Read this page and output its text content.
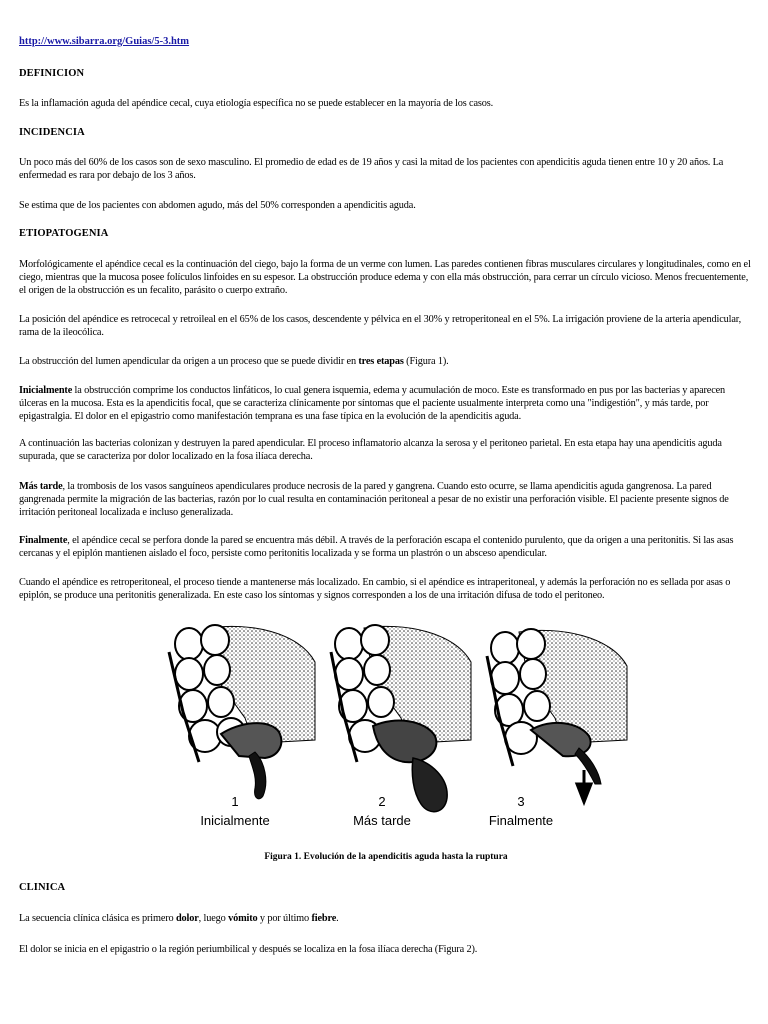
http://www.sibarra.org/Guias/5-3.htm
DEFINICION

Es la inflamación aguda del apéndice cecal, cuya etiología específica no se puede establecer en la mayoría de los casos.

INCIDENCIA

Un poco más del 60% de los casos son de sexo masculino. El promedio de edad es de 19 años y casi la mitad de los pacientes con apendicitis aguda tienen entre 10 y 20 años. La enfermedad es rara por debajo de los 3 años.

Se estima que de los pacientes con abdomen agudo, más del 50% corresponden a apendicitis aguda.

ETIOPATOGENIA

Morfológicamente el apéndice cecal es la continuación del ciego, bajo la forma de un verme con lumen. Las paredes contienen fibras musculares circulares y longitudinales, como en el ciego, mientras que la mucosa posee folículos linfoides en su espesor. La obstrucción produce edema y con ella más obstrucción, para cerrar un círculo vicioso. Menos frecuentemente, el origen de la obstrucción es un fecalito, parásito o cuerpo extraño.

La posición del apéndice es retrocecal y retroileal en el 65% de los casos, descendente y pélvica en el 30% y retroperitoneal en el 5%. La irrigación proviene de la arteria apendicular, rama de la ileocólica.

La obstrucción del lumen apendicular da origen a un proceso que se puede dividir en tres etapas (Figura 1).

Inicialmente la obstrucción comprime los conductos linfáticos, lo cual genera isquemia, edema y acumulación de moco. Este es transformado en pus por las bacterias y aparecen úlceras en la mucosa. Esta es la apendicitis focal, que se caracteriza clínicamente por síntomas que el paciente usualmente interpreta como una "indigestión", y más tarde, por epigastralgia. El dolor en el epigastrio como manifestación temprana es una fase típica en la evolución de la apendicitis aguda.

A continuación las bacterias colonizan y destruyen la pared apendicular. El proceso inflamatorio alcanza la serosa y el peritoneo parietal. En esta etapa hay una apendicitis aguda supurada, que se caracteriza por dolor localizado en la fosa ilíaca derecha.

Más tarde, la trombosis de los vasos sanguíneos apendiculares produce necrosis de la pared y gangrena. Cuando esto ocurre, se llama apendicitis aguda gangrenosa. La pared gangrenada permite la migración de las bacterias, razón por lo cual resulta en contaminación peritoneal a pesar de no existir una perforación visible. El paciente presente signos de irritación peritoneal localizada e incluso generalizada.

Finalmente, el apéndice cecal se perfora donde la pared se encuentra más débil. A través de la perforación escapa el contenido purulento, que da origen a una peritonitis. Si las asas cercanas y el epiplón mantienen aislado el foco, persiste como peritonitis localizada y se forma un plastrón o un absceso apendicular.

Cuando el apéndice es retroperitoneal, el proceso tiende a mantenerse más localizado. En cambio, si el apéndice es intraperitoneal, y además la perforación no es sellada por asas o epiplón, se produce una peritonitis generalizada. En este caso los síntomas y signos corresponden a los de una irritación difusa de todo el peritoneo.

1
Inicialmente
2
Más tarde
3
Finalmente
Figura 1. Evolución de la apendicitis aguda hasta la ruptura
CLINICA

La secuencia clínica clásica es primero dolor, luego vómito y por último fiebre.

El dolor se inicia en el epigastrio o la región periumbilical y después se localiza en la fosa ilíaca derecha (Figura 2).
